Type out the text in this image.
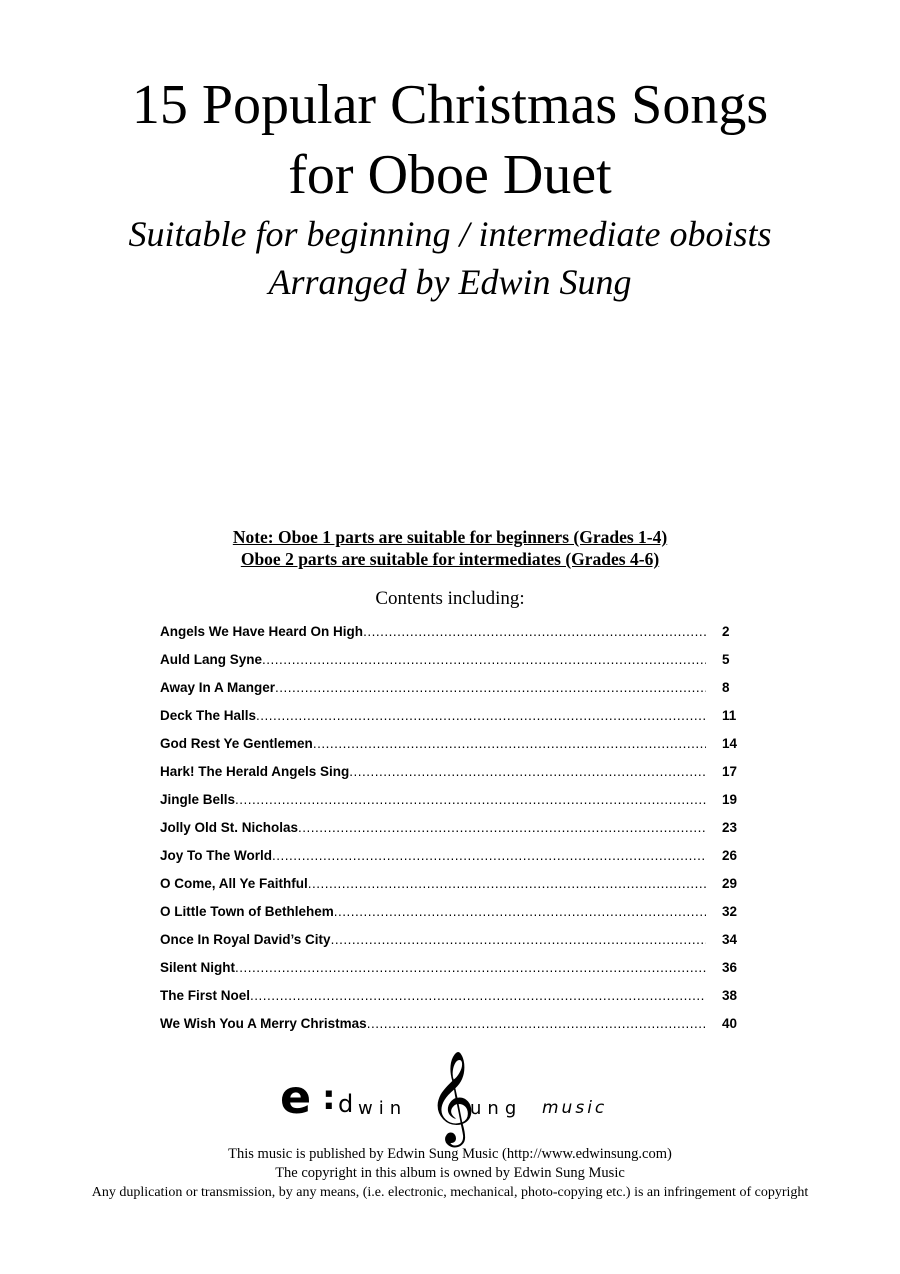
15 Popular Christmas Songs
for Oboe Duet
Suitable for beginning / intermediate oboists
Arranged by Edwin Sung
Note: Oboe 1 parts are suitable for beginners (Grades 1-4)
Oboe 2 parts are suitable for intermediates (Grades 4-6)
Contents including:
Angels We Have Heard On High .....	2
Auld Lang Syne .....	5
Away In A Manger .....	8
Deck The Halls .....	11
God Rest Ye Gentlemen .....	14
Hark! The Herald Angels Sing .....	17
Jingle Bells .....	19
Jolly Old St. Nicholas .....	23
Joy To The World .....	26
O Come, All Ye Faithful .....	29
O Little Town of Bethlehem .....	32
Once In Royal David’s City .....	34
Silent Night .....	36
The First Noel .....	38
We Wish You A Merry Christmas .....	40
e : d win 𝄞
ung music
This music is published by Edwin Sung Music (http://www.edwinsung.com)
The copyright in this album is owned by Edwin Sung Music
Any duplication or transmission, by any means, (i.e. electronic, mechanical, photo-copying etc.) is an infringement of copyright
